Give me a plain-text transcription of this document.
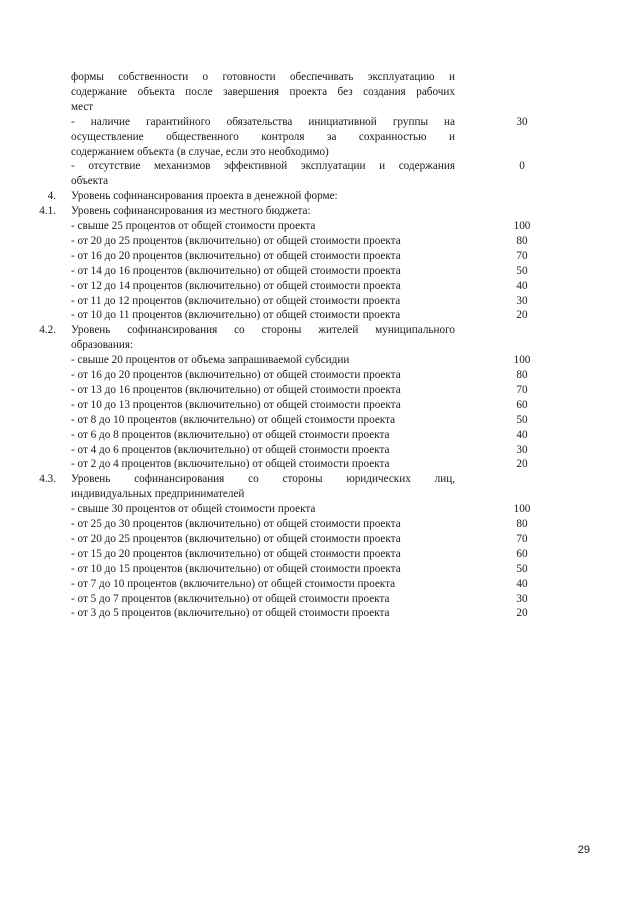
формы собственности о готовности обеспечивать эксплуатацию и
содержание объекта после завершения проекта без создания рабочих
мест
- наличие гарантийного обязательства инициативной группы на	30
осуществление общественного контроля за сохранностью и
содержанием объекта (в случае, если это необходимо)
- отсутствие механизмов эффективной эксплуатации и содержания	0
объекта
4. Уровень софинансирования проекта в денежной форме:
4.1. Уровень софинансирования из местного бюджета:
- свыше 25 процентов от общей стоимости проекта	100
- от 20 до 25 процентов (включительно) от общей стоимости проекта	80
- от 16 до 20 процентов (включительно) от общей стоимости проекта	70
- от 14 до 16 процентов (включительно) от общей стоимости проекта	50
- от 12 до 14 процентов (включительно) от общей стоимости проекта	40
- от 11 до 12 процентов (включительно) от общей стоимости проекта	30
- от 10 до 11 процентов (включительно) от общей стоимости проекта	20
4.2. Уровень софинансирования со стороны жителей муниципального
образования:
- свыше 20 процентов от объема запрашиваемой субсидии	100
- от 16 до 20 процентов (включительно) от общей стоимости проекта	80
- от 13 до 16 процентов (включительно) от общей стоимости проекта	70
- от 10 до 13 процентов (включительно) от общей стоимости проекта	60
- от 8 до 10 процентов (включительно) от общей стоимости проекта	50
- от 6 до 8 процентов (включительно) от общей стоимости проекта	40
- от 4 до 6 процентов (включительно) от общей стоимости проекта	30
- от 2 до 4 процентов (включительно) от общей стоимости проекта	20
4.3. Уровень софинансирования со стороны юридических лиц,
индивидуальных предпринимателей
- свыше 30 процентов от общей стоимости проекта	100
- от 25 до 30 процентов (включительно) от общей стоимости проекта	80
- от 20 до 25 процентов (включительно) от общей стоимости проекта	70
- от 15 до 20 процентов (включительно) от общей стоимости проекта	60
- от 10 до 15 процентов (включительно) от общей стоимости проекта	50
- от 7 до 10 процентов (включительно) от общей стоимости проекта	40
- от 5 до 7 процентов (включительно) от общей стоимости проекта	30
- от 3 до 5 процентов (включительно) от общей стоимости проекта	20
29
